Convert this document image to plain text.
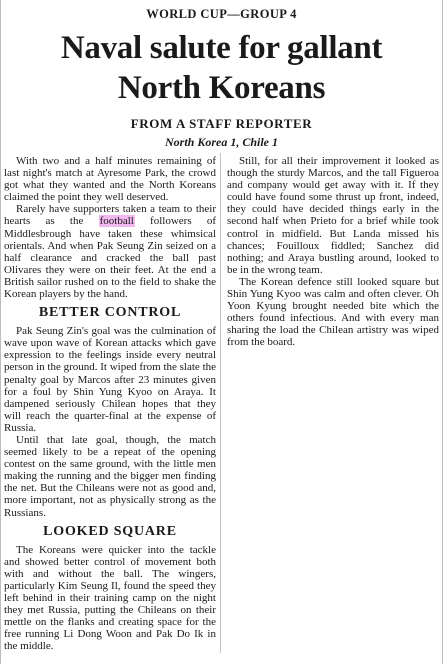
WORLD CUP—GROUP 4
Naval salute for gallant
North Koreans
FROM A STAFF REPORTER
North Korea 1, Chile 1

With two and a half minutes remaining of last night's match at Ayresome Park, the crowd got what they wanted and the North Koreans claimed the point they well deserved.

Rarely have supporters taken a team to their hearts as the football followers of Middlesbrough have taken these whimsical orientals. And when Pak Seung Zin seized on a half clearance and cracked the ball past Olivares they were on their feet. At the end a British sailor rushed on to the field to shake the Korean players by the hand.

BETTER CONTROL

Pak Seung Zin's goal was the culmination of wave upon wave of Korean attacks which gave expression to the feelings inside every neutral person in the ground. It wiped from the slate the penalty goal by Marcos after 23 minutes given for a foul by Shin Yung Kyoo on Araya. It dampened seriously Chilean hopes that they will reach the quarter-final at the expense of Russia.

Until that late goal, though, the match seemed likely to be a repeat of the opening contest on the same ground, with the little men making the running and the bigger men finding the net. But the Chileans were not as good and, more important, not as physically strong as the Russians.

LOOKED SQUARE

The Koreans were quicker into the tackle and showed better control of movement both with and without the ball. The wingers, particularly Kim Seung Il, found the speed they left behind in their training camp on the night they met Russia, putting the Chileans on their mettle on the flanks and creating space for the free running Li Dong Woon and Pak Do Ik in the middle.

Still, for all their improvement it looked as though the sturdy Marcos, and the tall Figueroa and company would get away with it. If they could have found some thrust up front, indeed, they could have decided things early in the second half when Prieto for a brief while took control in midfield. But Landa missed his chances; Fouilloux fiddled; Sanchez did nothing; and Araya bustling around, looked to be in the wrong team.

The Korean defence still looked square but Shin Yung Kyoo was calm and often clever. Oh Yoon Kyung brought needed bite which the others found infectious. And with every man sharing the load the Chilean artistry was wiped from the board.
